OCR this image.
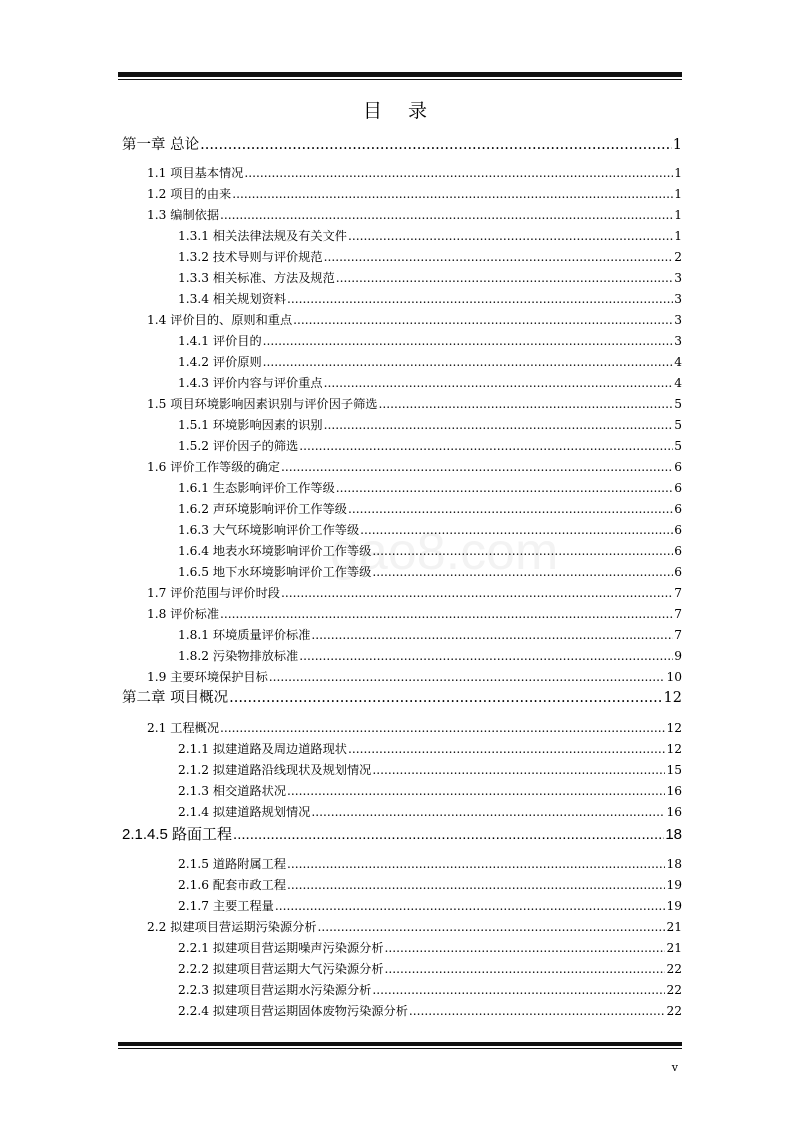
目 录
gao8.com
第一章 总论 .....	1
1.1 项目基本情况 .....	1
1.2 项目的由来 .....	1
1.3 编制依据 .....	1
1.3.1 相关法律法规及有关文件 .....	1
1.3.2 技术导则与评价规范 .....	2
1.3.3 相关标准、方法及规范 .....	3
1.3.4 相关规划资料 .....	3
1.4 评价目的、原则和重点 .....	3
1.4.1 评价目的 .....	3
1.4.2 评价原则 .....	4
1.4.3 评价内容与评价重点 .....	4
1.5 项目环境影响因素识别与评价因子筛选 .....	5
1.5.1 环境影响因素的识别 .....	5
1.5.2 评价因子的筛选 .....	5
1.6 评价工作等级的确定 .....	6
1.6.1 生态影响评价工作等级 .....	6
1.6.2 声环境影响评价工作等级 .....	6
1.6.3 大气环境影响评价工作等级 .....	6
1.6.4 地表水环境影响评价工作等级 .....	6
1.6.5 地下水环境影响评价工作等级 .....	6
1.7 评价范围与评价时段 .....	7
1.8 评价标准 .....	7
1.8.1 环境质量评价标准 .....	7
1.8.2 污染物排放标准 .....	9
1.9 主要环境保护目标 .....	10
第二章 项目概况 .....	12
2.1 工程概况 .....	12
2.1.1 拟建道路及周边道路现状 .....	12
2.1.2 拟建道路沿线现状及规划情况 .....	15
2.1.3 相交道路状况 .....	16
2.1.4 拟建道路规划情况 .....	16
2.1.4.5 路面工程 .....	18
2.1.5 道路附属工程 .....	18
2.1.6 配套市政工程 .....	19
2.1.7 主要工程量 .....	19
2.2 拟建项目营运期污染源分析 .....	21
2.2.1 拟建项目营运期噪声污染源分析 .....	21
2.2.2 拟建项目营运期大气污染源分析 .....	22
2.2.3 拟建项目营运期水污染源分析 .....	22
2.2.4 拟建项目营运期固体废物污染源分析 .....	22
v
